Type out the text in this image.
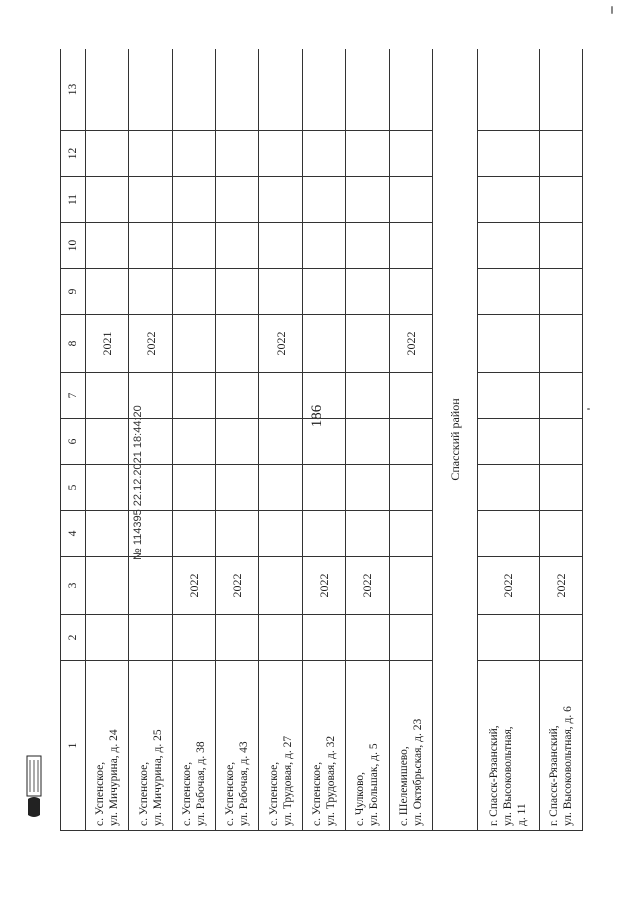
186
1	2	3	4	5	6	7	8	9	10	11	12	13
с. Успенское,
ул. Мичурина, д. 24							2021					
с. Успенское,
ул. Мичурина, д. 25							2022					
с. Успенское,
ул. Рабочая, д. 38		2022										
с. Успенское,
ул. Рабочая, д. 43		2022										
с. Успенское,
ул. Трудовая, д. 27							2022					
с. Успенское,
ул. Трудовая, д. 32		2022										
с. Чулково,
ул. Большак, д. 5		2022										
с. Шелемишево,
ул. Октябрьская, д. 23							2022					
Спасский район												
г. Спасск-Рязанский,
ул. Высоковольтная,
д. 11		2022										
г. Спасск-Рязанский,
ул. Высоковольтная, д. 6		2022										
№ 114395 22.12.2021 18:44:20
